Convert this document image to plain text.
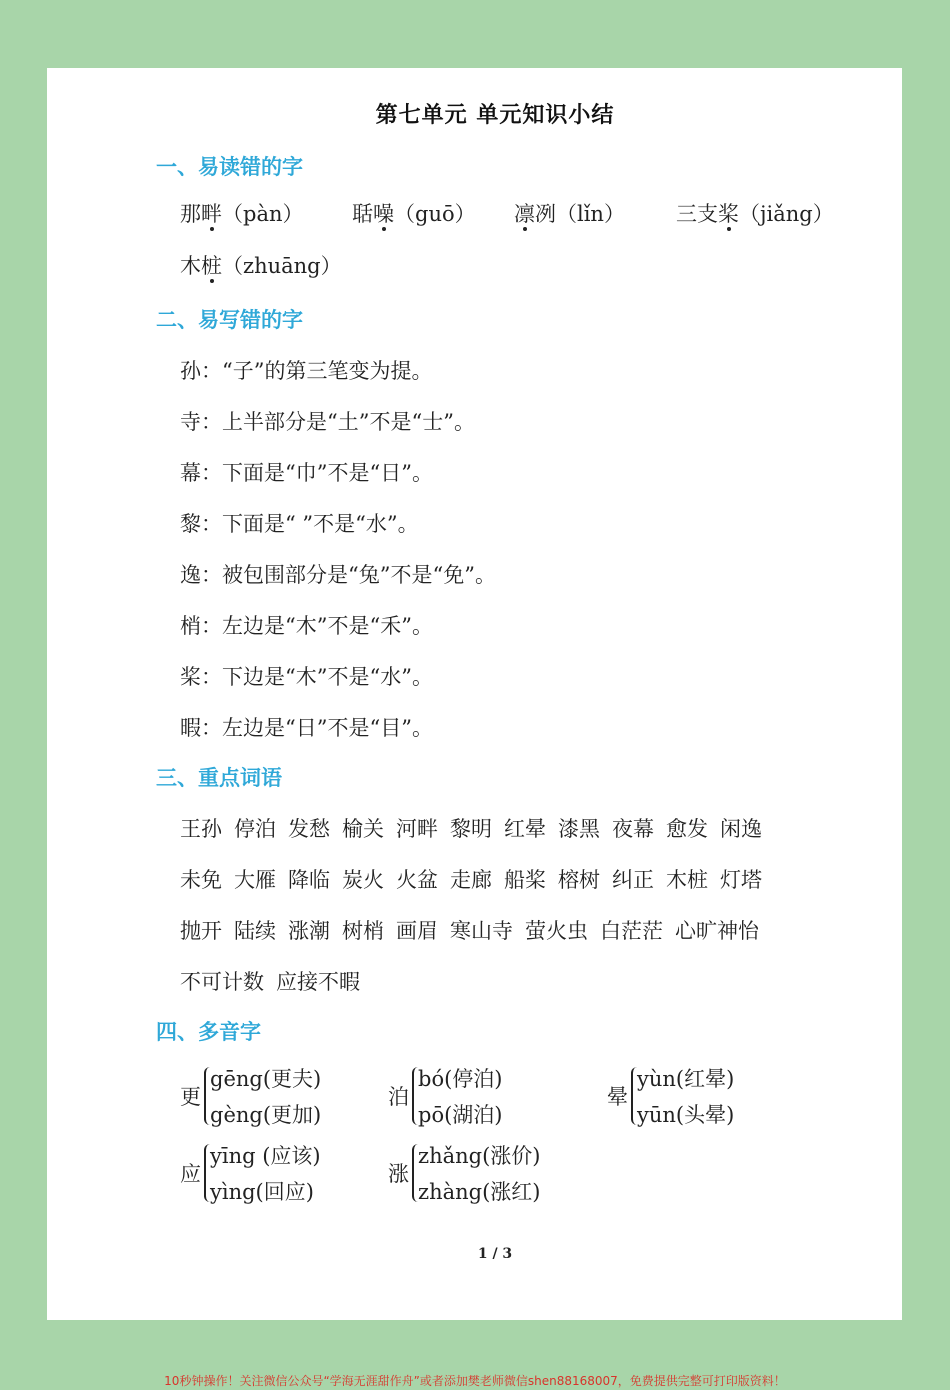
第七单元 单元知识小结
一、易读错的字
那畔（pàn） 聒噪（guō） 凛冽（lǐn） 三支桨（jiǎng）
木桩（zhuāng）
二、易写错的字
孙：“子”的第三笔变为提。
寺：上半部分是“土”不是“士”。
幕：下面是“巾”不是“日”。
黎：下面是“ ”不是“水”。
逸：被包围部分是“兔”不是“免”。
梢：左边是“木”不是“禾”。
桨：下边是“木”不是“水”。
暇：左边是“日”不是“目”。
三、重点词语
王孙 停泊 发愁 榆关 河畔 黎明 红晕 漆黑 夜幕 愈发 闲逸
未免 大雁 降临 炭火 火盆 走廊 船桨 榕树 纠正 木桩 灯塔
抛开 陆续 涨潮 树梢 画眉 寒山寺 萤火虫 白茫茫 心旷神怡
不可计数 应接不暇
四、多音字
更
gēng(更夫)
gèng(更加)
泊
bó(停泊)
pō(湖泊)
晕
yùn(红晕)
yūn(头晕)
应
yīng (应该)
yìng(回应)
涨
zhǎng(涨价)
zhàng(涨红)
1 / 3
10秒钟操作！关注微信公众号“学海无涯甜作舟”或者添加樊老师微信shen88168007，免费提供完整可打印版资料！
